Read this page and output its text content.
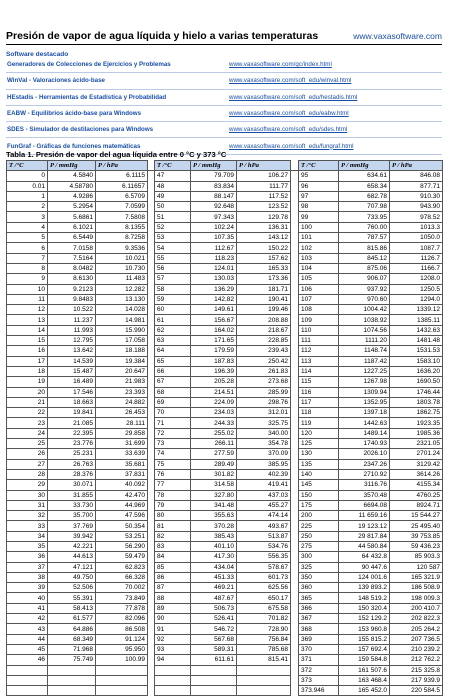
Presión de vapor de agua líquida y hielo a varias temperaturas	www.vaxasoftware.com
Software destacado
Generadores de Colecciones de Ejercicios y Problemas	www.vaxasoftware.com/gc/index.html
WinVal - Valoraciones ácido-base	www.vaxasoftware.com/soft_edu/winval.html
HEstadis - Herramientas de Estadística y Probabilidad	www.vaxasoftware.com/soft_edu/hestadis.html
EABW - Equilibrios ácido-base para Windows	www.vaxasoftware.com/soft_edu/eabw.html
SDES - Simulador de destilaciones para Windows	www.vaxasoftware.com/soft_edu/sdes.html
FunGraf - Gráficas de funciones matemáticas	www.vaxasoftware.com/soft_edu/fungraf.html
Tabla 1. Presión de vapor del agua líquida entre 0 °C y 373 °C
T /°C	P / mmHg	P / hPa		T /°C	P / mmHg	P / hPa		T /°C	P / mmHg	P / hPa
0	4.5840	6.1115		47	79.709	106.27		95	634.61	846.08
0.01	4.58780	6.11657		48	83.834	111.77		96	658.34	877.71
1	4.9286	6.5709		49	88.147	117.52		97	682.78	910.30
2	5.2954	7.0599		50	92.648	123.52		98	707.98	943.90
3	5.6861	7.5808		51	97.343	129.78		99	733.95	978.52
4	6.1021	8.1355		52	102.24	136.31		100	760.00	1013.3
5	6.5449	8.7258		53	107.35	143.12		101	787.57	1050.0
6	7.0158	9.3536		54	112.67	150.22		102	815.86	1087.7
7	7.5164	10.021		55	118.23	157.62		103	845.12	1126.7
8	8.0482	10.730		56	124.01	165.33		104	875.06	1166.7
9	8.6130	11.483		57	130.03	173.36		105	906.07	1208.0
10	9.2123	12.282		58	136.29	181.71		106	937.92	1250.5
11	9.8483	13.130		59	142.82	190.41		107	970.60	1294.0
12	10.522	14.028		60	149.61	199.46		108	1004.42	1339.12
13	11.237	14.981		61	156.67	208.88		109	1038.92	1385.11
14	11.993	15.990		62	164.02	218.67		110	1074.56	1432.63
15	12.795	17.058		63	171.65	228.85		111	1111.20	1481.48
16	13.642	18.188		64	179.59	239.43		112	1148.74	1531.53
17	14.539	19.384		65	187.83	250.42		113	1187.42	1583.10
18	15.487	20.647		66	196.39	261.83		114	1227.25	1636.20
19	16.489	21.983		67	205.28	273.68		115	1267.98	1690.50
20	17.546	23.393		68	214.51	285.99		116	1309.94	1746.44
21	18.663	24.882		69	224.09	298.76		117	1352.95	1803.78
22	19.841	26.453		70	234.03	312.01		118	1397.18	1862.75
23	21.085	28.111		71	244.33	325.75		119	1442.63	1923.35
24	22.395	29.858		72	255.02	340.00		120	1489.14	1985.36
25	23.776	31.699		73	266.11	354.78		125	1740.93	2321.05
26	25.231	33.639		74	277.59	370.09		130	2026.10	2701.24
27	26.763	35.681		75	289.49	385.95		135	2347.26	3129.42
28	28.376	37.831		76	301.82	402.39		140	2710.92	3614.26
29	30.071	40.092		77	314.58	419.41		145	3116.76	4155.34
30	31.855	42.470		78	327.80	437.03		150	3570.48	4760.25
31	33.730	44.969		79	341.48	455.27		175	6694.08	8924.71
32	35.700	47.596		80	355.63	474.14		200	11 659.16	15 544.27
33	37.769	50.354		81	370.28	493.67		225	19 123.12	25 495.40
34	39.942	53.251		82	385.43	513.87		250	29 817.84	39 753.85
35	42.221	56.290		83	401.10	534.76		275	44 580.84	59 436.23
36	44.613	59.479		84	417.30	556.35		300	64 432.8	85 903.3
37	47.121	62.823		85	434.04	578.67		325	90 447.6	120 587
38	49.750	66.328		86	451.33	601.73		350	124 001.6	165 321.9
39	52.506	70.002		87	469.21	625.56		360	139 893.2	186 508.9
40	55.391	73.849		88	487.67	650.17		365	148 519.2	198 009.3
41	58.413	77.878		89	506.73	675.58		366	150 320.4	200 410.7
42	61.577	82.096		90	526.41	701.82		367	152 129.2	202 822.3
43	64.886	86.508		91	546.72	728.90		368	153 960.8	205 264.2
44	68.349	91.124		92	567.68	756.84		369	155 815.2	207 736.5
45	71.968	95.950		93	589.31	785.68		370	157 692.4	210 239.2
46	75.749	100.99		94	611.61	815.41		371	159 584.8	212 762.2
								372	161 507.6	215 325.8
								373	163 468.4	217 939.9
								373.946	165 452.0	220 584.5
